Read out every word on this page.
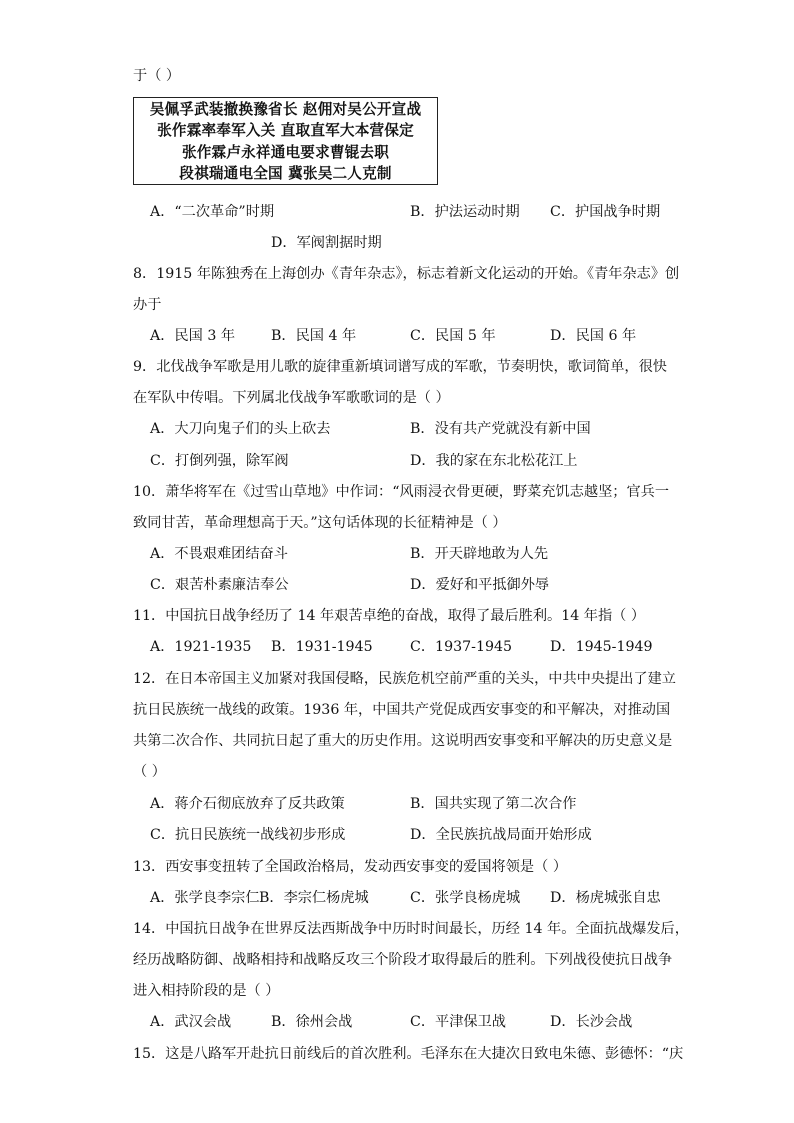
于（ ）
吴佩孚武装撤换豫省长 赵佣对吴公开宣战
张作霖率奉军入关 直取直军大本营保定
张作霖卢永祥通电要求曹锟去职
段祺瑞通电全国 冀张吴二人克制
A．“二次革命”时期	B．护法运动时期 C．护国战争时期
D．军阀割据时期
8．1915 年陈独秀在上海创办《青年杂志》，标志着新文化运动的开始。《青年杂志》创
办于
A．民国 3 年	B．民国 4 年	C．民国 5 年	D．民国 6 年
9．北伐战争军歌是用儿歌的旋律重新填词谱写成的军歌，节奏明快，歌词简单，很快
在军队中传唱。下列属北伐战争军歌歌词的是（ ）
A．大刀向鬼子们的头上砍去	B．没有共产党就没有新中国
C．打倒列强，除军阀	D．我的家在东北松花江上
10．萧华将军在《过雪山草地》中作词：“风雨浸衣骨更硬，野菜充饥志越坚；官兵一
致同甘苦，革命理想高于天。”这句话体现的长征精神是（ ）
A．不畏艰难团结奋斗	B．开天辟地敢为人先
C．艰苦朴素廉洁奉公	D．爱好和平抵御外辱
11．中国抗日战争经历了 14 年艰苦卓绝的奋战，取得了最后胜利。14 年指（ ）
A．1921-1935 B．1931-1945	C．1937-1945	D．1945-1949
12．在日本帝国主义加紧对我国侵略，民族危机空前严重的关头，中共中央提出了建立
抗日民族统一战线的政策。1936 年，中国共产党促成西安事变的和平解决，对推动国
共第二次合作、共同抗日起了重大的历史作用。这说明西安事变和平解决的历史意义是
（ ）
A．蒋介石彻底放弃了反共政策	B．国共实现了第二次合作
C．抗日民族统一战线初步形成	D．全民族抗战局面开始形成
13．西安事变扭转了全国政治格局，发动西安事变的爱国将领是（ ）
A．张学良李宗仁 B．李宗仁杨虎城	C．张学良杨虎城 D．杨虎城张自忠
14．中国抗日战争在世界反法西斯战争中历时时间最长，历经 14 年。全面抗战爆发后，
经历战略防御、战略相持和战略反攻三个阶段才取得最后的胜利。下列战役使抗日战争
进入相持阶段的是（ ）
A．武汉会战	B．徐州会战	C．平津保卫战	D．长沙会战
15．这是八路军开赴抗日前线后的首次胜利。毛泽东在大捷次日致电朱德、彭德怀：“庆
